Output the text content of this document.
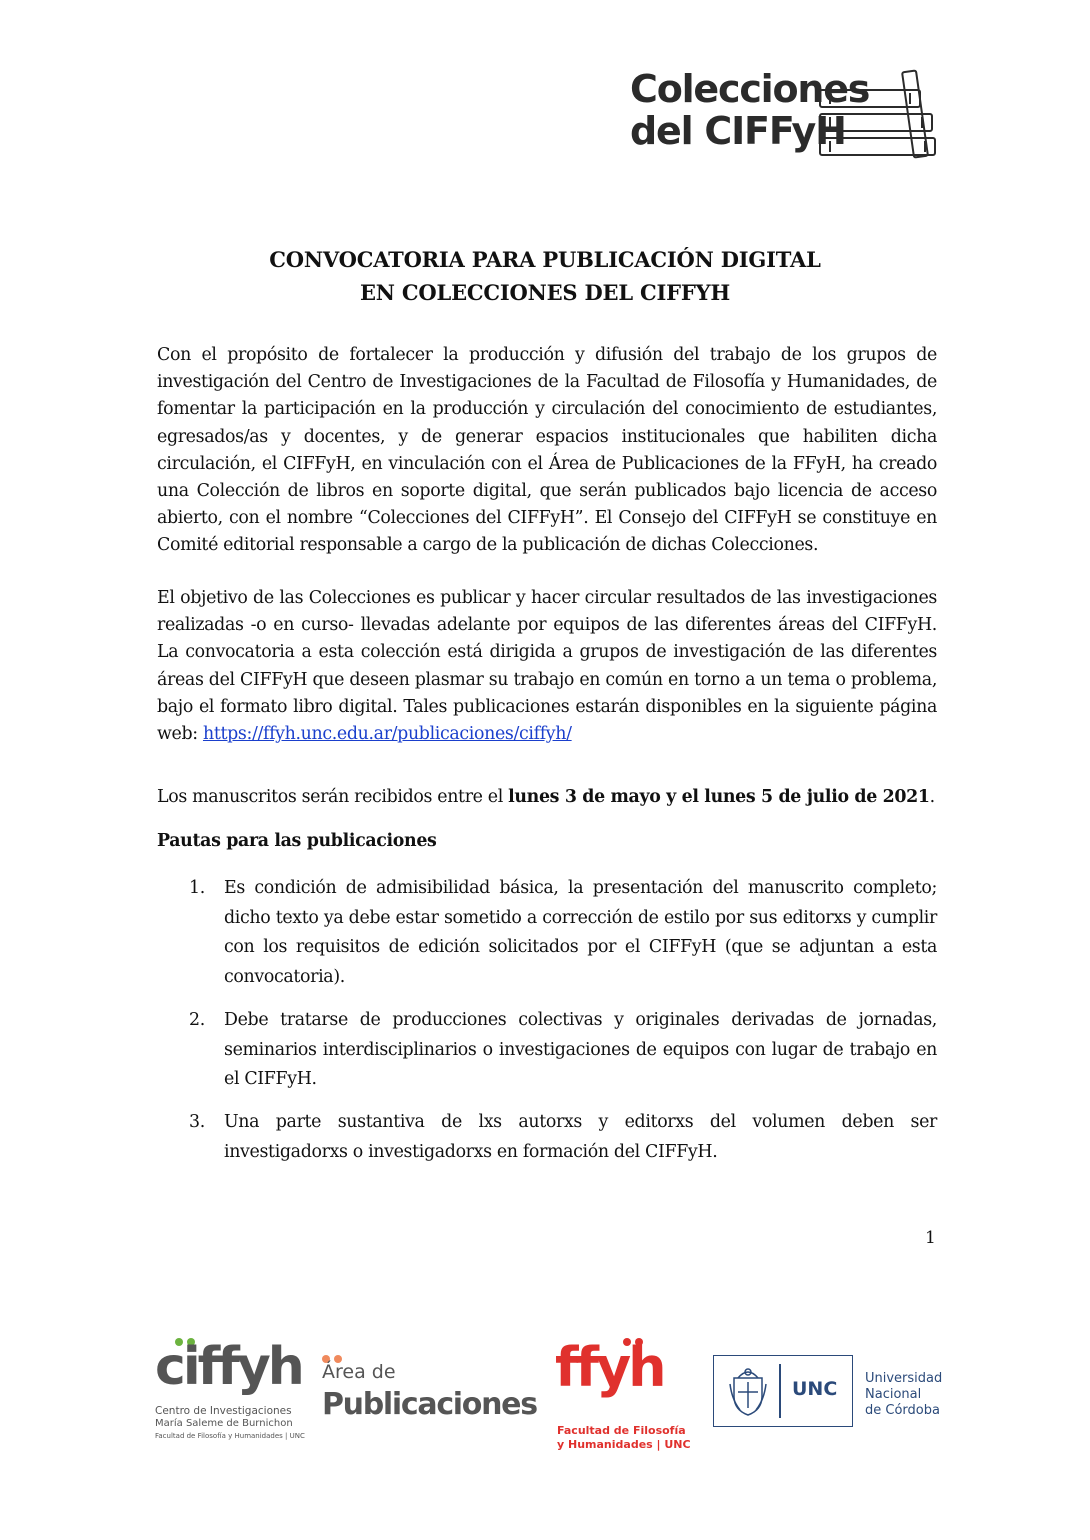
Colecciones
del CIFFyH
CONVOCATORIA PARA PUBLICACIÓN DIGITAL
EN COLECCIONES DEL CIFFYH

Con el propósito de fortalecer la producción y difusión del trabajo de los grupos de investigación del Centro de Investigaciones de la Facultad de Filosofía y Humanidades, de fomentar la participación en la producción y circulación del conocimiento de estudiantes, egresados/as y docentes, y de generar espacios institucionales que habiliten dicha circulación, el CIFFyH, en vinculación con el Área de Publicaciones de la FFyH, ha creado una Colección de libros en soporte digital, que serán publicados bajo licencia de acceso abierto, con el nombre “Colecciones del CIFFyH”. El Consejo del CIFFyH se constituye en Comité editorial responsable a cargo de la publicación de dichas Colecciones.

El objetivo de las Colecciones es publicar y hacer circular resultados de las investigaciones realizadas -o en curso- llevadas adelante por equipos de las diferentes áreas del CIFFyH. La convocatoria a esta colección está dirigida a grupos de investigación de las diferentes áreas del CIFFyH que deseen plasmar su trabajo en común en torno a un tema o problema, bajo el formato libro digital. Tales publicaciones estarán disponibles en la siguiente página web: https://ffyh.unc.edu.ar/publicaciones/ciffyh/

Los manuscritos serán recibidos entre el lunes 3 de mayo y el lunes 5 de julio de 2021.

Pautas para las publicaciones

1. Es condición de admisibilidad básica, la presentación del manuscrito completo; dicho texto ya debe estar sometido a corrección de estilo por sus editorxs y cumplir con los requisitos de edición solicitados por el CIFFyH (que se adjuntan a esta convocatoria).
2. Debe tratarse de producciones colectivas y originales derivadas de jornadas, seminarios interdisciplinarios o investigaciones de equipos con lugar de trabajo en el CIFFyH.
3. Una parte sustantiva de lxs autorxs y editorxs del volumen deben ser investigadorxs o investigadorxs en formación del CIFFyH.
1
ciffyh
Centro de Investigaciones
María Saleme de Burnichon
Facultad de Filosofía y Humanidades | UNC
Área de
Publicaciones
ffyh
Facultad de Filosofía
y Humanidades | UNC
UNC Universidad
Nacional
de Córdoba
